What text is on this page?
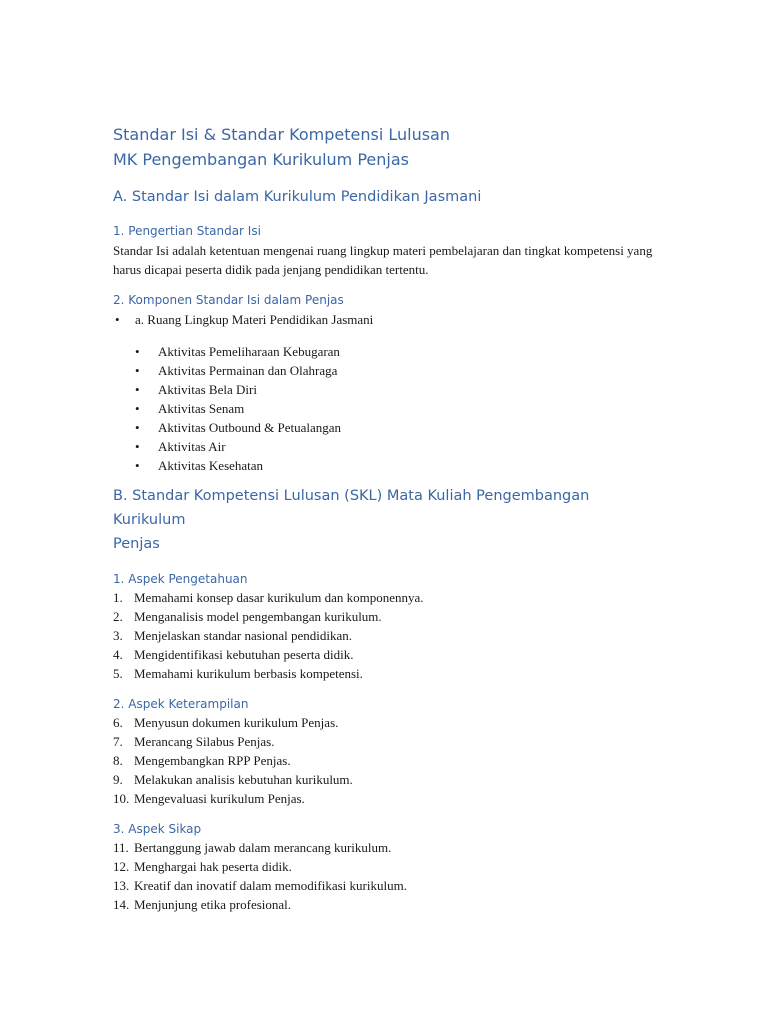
Standar Isi & Standar Kompetensi Lulusan
MK Pengembangan Kurikulum Penjas
A. Standar Isi dalam Kurikulum Pendidikan Jasmani
1. Pengertian Standar Isi

Standar Isi adalah ketentuan mengenai ruang lingkup materi pembelajaran dan tingkat kompetensi yang harus dicapai peserta didik pada jenjang pendidikan tertentu.

2. Komponen Standar Isi dalam Penjas
• a. Ruang Lingkup Materi Pendidikan Jasmani
• Aktivitas Pemeliharaan Kebugaran
• Aktivitas Permainan dan Olahraga
• Aktivitas Bela Diri
• Aktivitas Senam
• Aktivitas Outbound & Petualangan
• Aktivitas Air
• Aktivitas Kesehatan
B. Standar Kompetensi Lulusan (SKL) Mata Kuliah Pengembangan Kurikulum
Penjas
1. Aspek Pengetahuan
1. Memahami konsep dasar kurikulum dan komponennya.
2. Menganalisis model pengembangan kurikulum.
3. Menjelaskan standar nasional pendidikan.
4. Mengidentifikasi kebutuhan peserta didik.
5. Memahami kurikulum berbasis kompetensi.
2. Aspek Keterampilan
6. Menyusun dokumen kurikulum Penjas.
7. Merancang Silabus Penjas.
8. Mengembangkan RPP Penjas.
9. Melakukan analisis kebutuhan kurikulum.
10. Mengevaluasi kurikulum Penjas.
3. Aspek Sikap
11. Bertanggung jawab dalam merancang kurikulum.
12. Menghargai hak peserta didik.
13. Kreatif dan inovatif dalam memodifikasi kurikulum.
14. Menjunjung etika profesional.
